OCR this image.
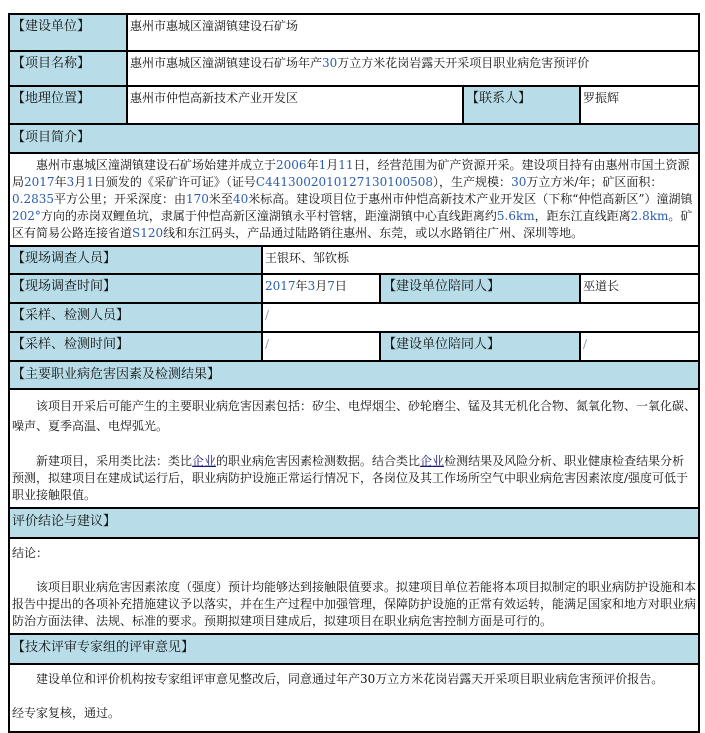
【建设单位】	惠州市惠城区潼湖镇建设石矿场				
【项目名称】	惠州市惠城区潼湖镇建设石矿场年产30万立方米花岗岩露天开采项目职业病危害预评价				
【地理位置】	惠州市仲恺高新技术产业开发区			【联系人】	罗振辉
【项目简介】					

惠州市惠城区潼湖镇建设石矿场始建并成立于2006年1月11日，经营范围为矿产资源开采。建设项目持有由惠州市国土资源局2017年3月1日颁发的《采矿许可证》（证号C4413002010127130100508），生产规模：30万立方米/年；矿区面积：0.2835平方公里；开采深度：由170米至40米标高。建设项目位于惠州市仲恺高新技术产业开发区（下称“仲恺高新区”）潼湖镇202°方向的赤岗双鲤鱼坑，隶属于仲恺高新区潼湖镇永平村管辖，距潼湖镇中心直线距离约5.6km，距东江直线距离2.8km。矿区有简易公路连接省道S120线和东江码头，产品通过陆路销往惠州、东莞，或以水路销往广州、深圳等地。					

【现场调查人员】		王银环、邹钦栎			
【现场调查时间】		2017年3月7日	【建设单位陪同人】		巫道长
【采样、检测人员】		/			
【采样、检测时间】		/	【建设单位陪同人】		/
【主要职业病危害因素及检测结果】					

该项目开采后可能产生的主要职业病危害因素包括：矽尘、电焊烟尘、砂轮磨尘、锰及其无机化合物、氮氧化物、一氧化碳、噪声、夏季高温、电焊弧光。

新建项目，采用类比法：类比企业的职业病危害因素检测数据。结合类比企业检测结果及风险分析、职业健康检查结果分析预测，拟建项目在建成试运行后，职业病防护设施正常运行情况下，各岗位及其工作场所空气中职业病危害因素浓度/强度可低于职业接触限值。					

评价结论与建议】					

结论：

该项目职业病危害因素浓度（强度）预计均能够达到接触限值要求。拟建项目单位若能将本项目拟制定的职业病防护设施和本报告中提出的各项补充措施建议予以落实，并在生产过程中加强管理，保障防护设施的正常有效运转，能满足国家和地方对职业病防治方面法律、法规、标准的要求。预期拟建项目建成后，拟建项目在职业病危害控制方面是可行的。					

【技术评审专家组的评审意见】					

建设单位和评价机构按专家组评审意见整改后，同意通过年产30万立方米花岗岩露天开采项目职业病危害预评价报告。

经专家复核，通过。					
